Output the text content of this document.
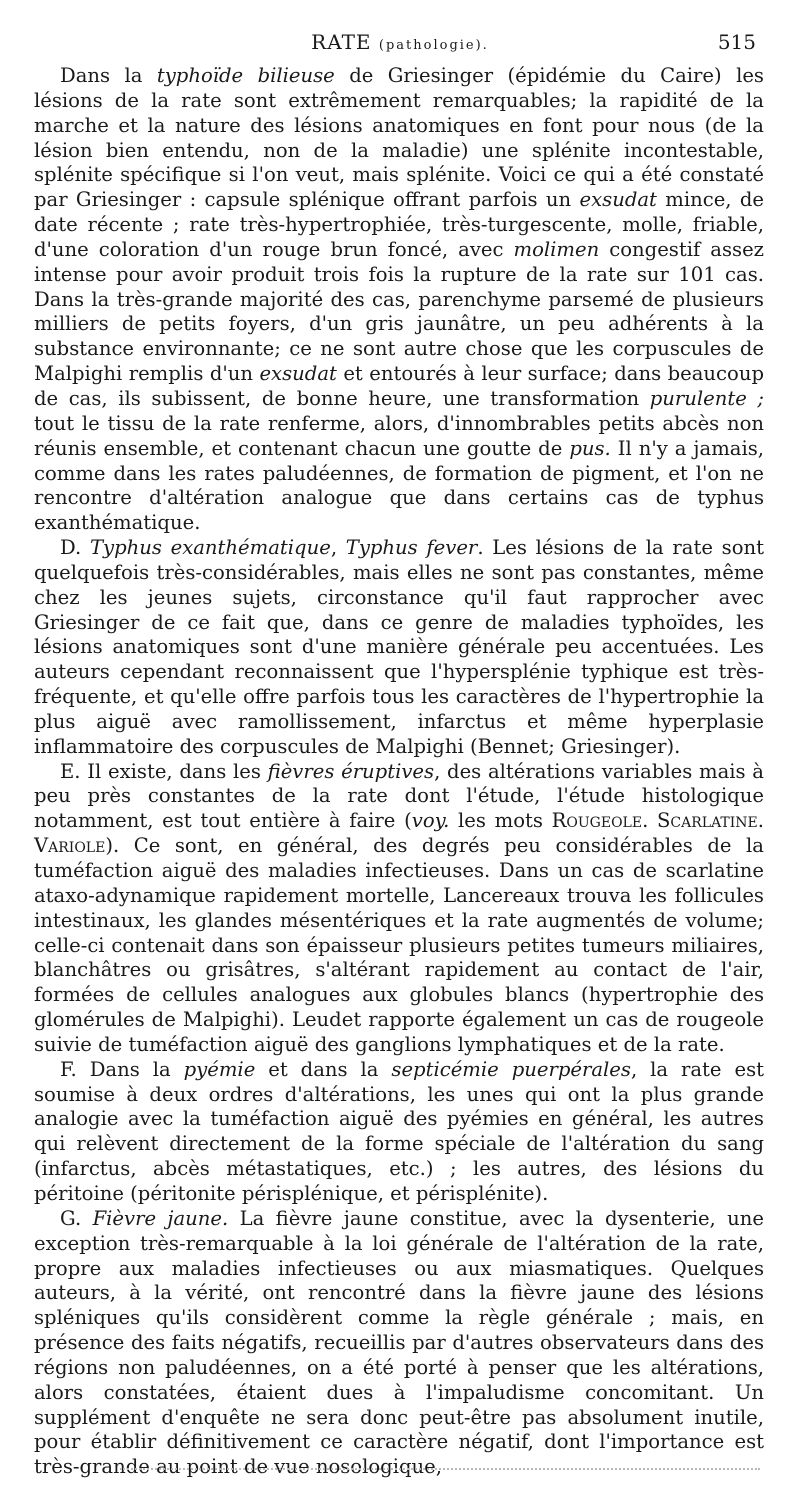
RATE (pathologie).	515

Dans la typhoïde bilieuse de Griesinger (épidémie du Caire) les lésions de la rate sont extrêmement remarquables; la rapidité de la marche et la nature des lésions anatomiques en font pour nous (de la lésion bien entendu, non de la maladie) une splénite incontestable, splénite spécifique si l'on veut, mais splénite. Voici ce qui a été constaté par Griesinger : capsule splénique offrant parfois un exsudat mince, de date récente ; rate très-hypertrophiée, très-turgescente, molle, friable, d'une coloration d'un rouge brun foncé, avec molimen congestif assez intense pour avoir produit trois fois la rupture de la rate sur 101 cas. Dans la très-grande majorité des cas, parenchyme parsemé de plusieurs milliers de petits foyers, d'un gris jaunâtre, un peu adhérents à la substance environnante; ce ne sont autre chose que les corpuscules de Malpighi remplis d'un exsudat et entourés à leur surface; dans beaucoup de cas, ils subissent, de bonne heure, une transformation purulente ; tout le tissu de la rate renferme, alors, d'innombrables petits abcès non réunis ensemble, et contenant chacun une goutte de pus. Il n'y a jamais, comme dans les rates paludéennes, de formation de pigment, et l'on ne rencontre d'altération analogue que dans certains cas de typhus exanthématique.

D. Typhus exanthématique, Typhus fever. Les lésions de la rate sont quelquefois très-considérables, mais elles ne sont pas constantes, même chez les jeunes sujets, circonstance qu'il faut rapprocher avec Griesinger de ce fait que, dans ce genre de maladies typhoïdes, les lésions anatomiques sont d'une manière générale peu accentuées. Les auteurs cependant reconnaissent que l'hypersplénie typhique est très-fréquente, et qu'elle offre parfois tous les caractères de l'hypertrophie la plus aiguë avec ramollissement, infarctus et même hyperplasie inflammatoire des corpuscules de Malpighi (Bennet; Griesinger).

E. Il existe, dans les fièvres éruptives, des altérations variables mais à peu près constantes de la rate dont l'étude, l'étude histologique notamment, est tout entière à faire (voy. les mots Rougeole. Scarlatine. Variole). Ce sont, en général, des degrés peu considérables de la tuméfaction aiguë des maladies infectieuses. Dans un cas de scarlatine ataxo-adynamique rapidement mortelle, Lancereaux trouva les follicules intestinaux, les glandes mésentériques et la rate augmentés de volume; celle-ci contenait dans son épaisseur plusieurs petites tumeurs miliaires, blanchâtres ou grisâtres, s'altérant rapidement au contact de l'air, formées de cellules analogues aux globules blancs (hypertrophie des glomérules de Malpighi). Leudet rapporte également un cas de rougeole suivie de tuméfaction aiguë des ganglions lymphatiques et de la rate.

F. Dans la pyémie et dans la septicémie puerpérales, la rate est soumise à deux ordres d'altérations, les unes qui ont la plus grande analogie avec la tuméfaction aiguë des pyémies en général, les autres qui relèvent directement de la forme spéciale de l'altération du sang (infarctus, abcès métastatiques, etc.) ; les autres, des lésions du péritoine (péritonite périsplénique, et périsplénite).

G. Fièvre jaune. La fièvre jaune constitue, avec la dysenterie, une exception très-remarquable à la loi générale de l'altération de la rate, propre aux maladies infectieuses ou aux miasmatiques. Quelques auteurs, à la vérité, ont rencontré dans la fièvre jaune des lésions spléniques qu'ils considèrent comme la règle générale ; mais, en présence des faits négatifs, recueillis par d'autres observateurs dans des régions non paludéennes, on a été porté à penser que les altérations, alors constatées, étaient dues à l'impaludisme concomitant. Un supplément d'enquête ne sera donc peut-être pas absolument inutile, pour établir définitivement ce caractère négatif, dont l'importance est très-grande au point de vue nosologique,
